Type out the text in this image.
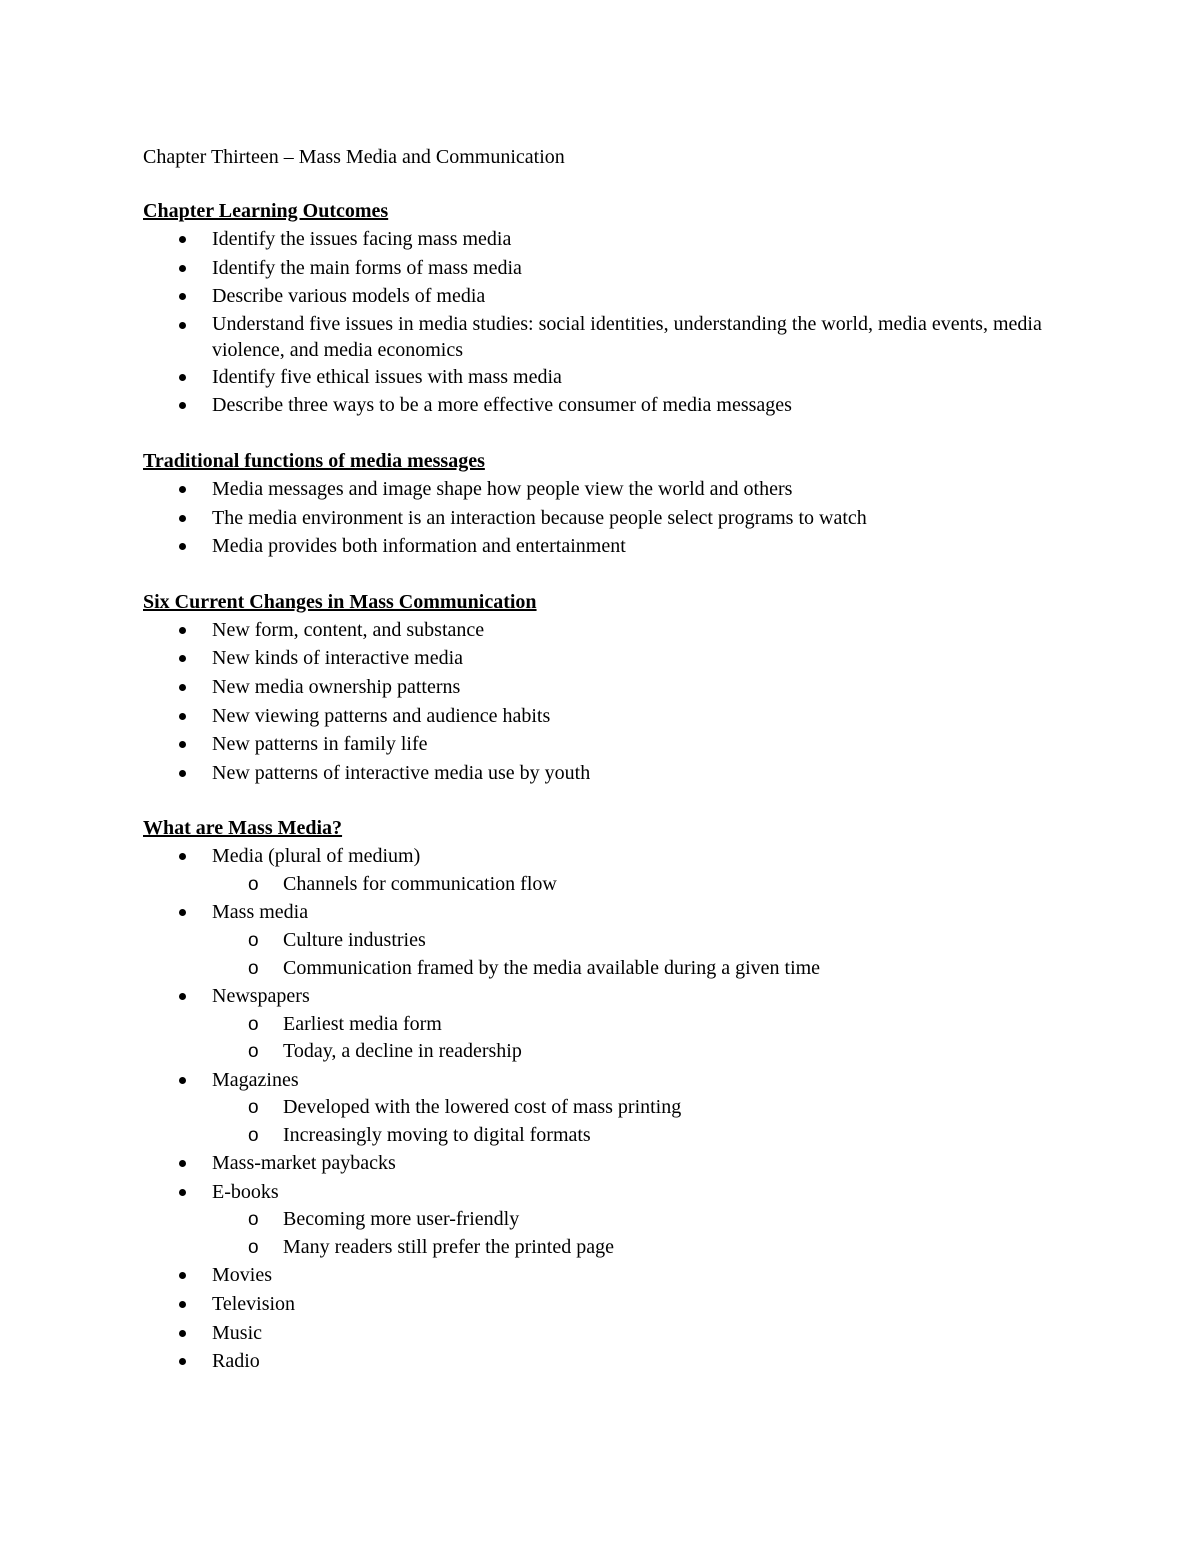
Chapter Thirteen – Mass Media and Communication
Chapter Learning Outcomes
Identify the issues facing mass media
Identify the main forms of mass media
Describe various models of media
Understand five issues in media studies: social identities, understanding the world, media events, media violence, and media economics
Identify five ethical issues with mass media
Describe three ways to be a more effective consumer of media messages
Traditional functions of media messages
Media messages and image shape how people view the world and others
The media environment is an interaction because people select programs to watch
Media provides both information and entertainment
Six Current Changes in Mass Communication
New form, content, and substance
New kinds of interactive media
New media ownership patterns
New viewing patterns and audience habits
New patterns in family life
New patterns of interactive media use by youth
What are Mass Media?
Media (plural of medium)
o Channels for communication flow
Mass media
o Culture industries
o Communication framed by the media available during a given time
Newspapers
o Earliest media form
o Today, a decline in readership
Magazines
o Developed with the lowered cost of mass printing
o Increasingly moving to digital formats
Mass-market paybacks
E-books
o Becoming more user-friendly
o Many readers still prefer the printed page
Movies
Television
Music
Radio
